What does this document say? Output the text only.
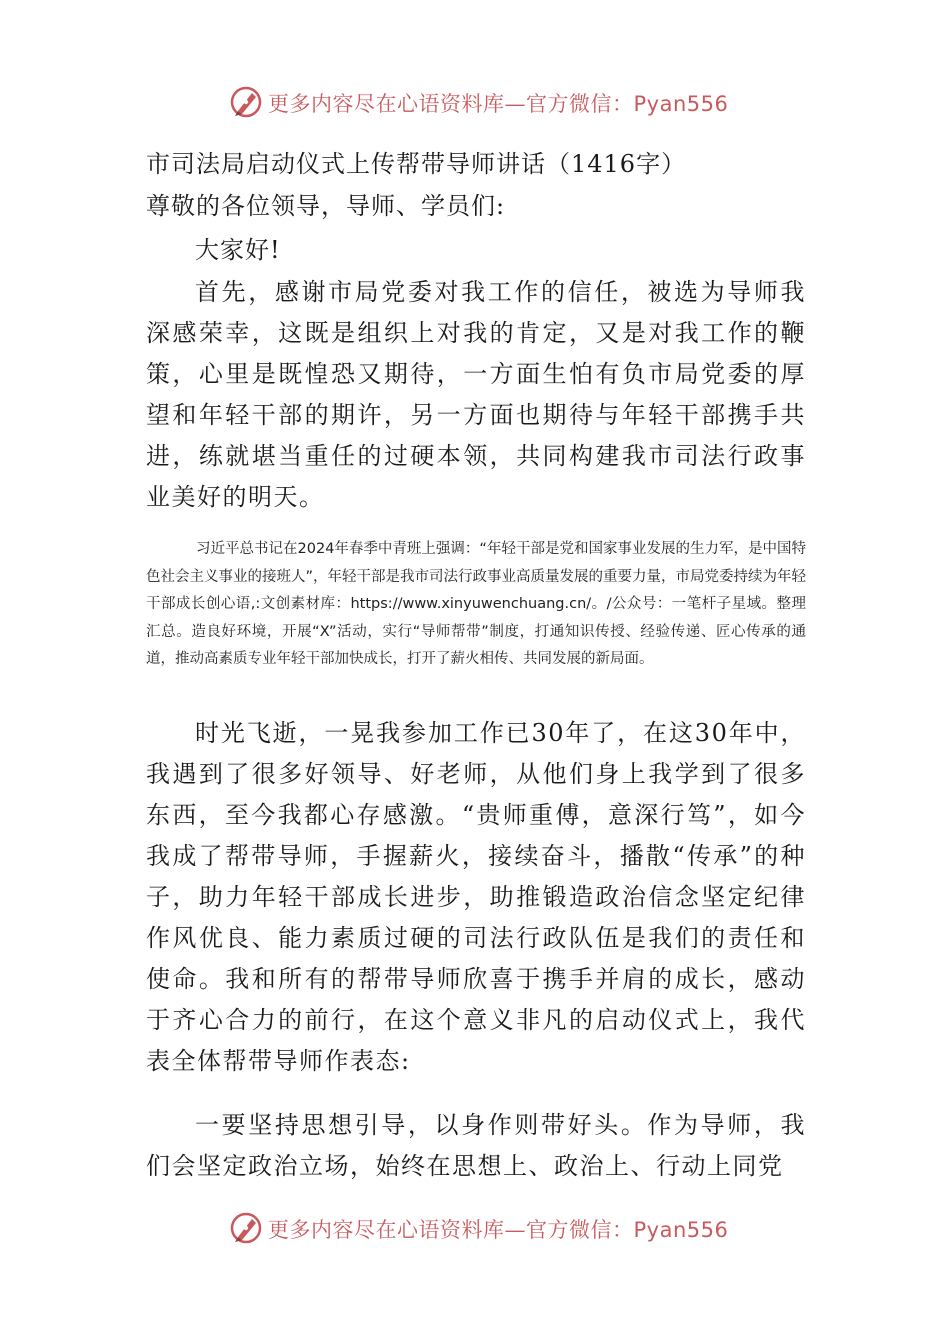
更多内容尽在心语资料库—官方微信：Pyan556
市司法局启动仪式上传帮带导师讲话（1416字）
尊敬的各位领导，导师、学员们:
大家好!

首先，感谢市局党委对我工作的信任，被选为导师我深感荣幸，这既是组织上对我的肯定，又是对我工作的鞭策，心里是既惶恐又期待，一方面生怕有负市局党委的厚望和年轻干部的期许，另一方面也期待与年轻干部携手共进，练就堪当重任的过硬本领，共同构建我市司法行政事业美好的明天。

习近平总书记在2024年春季中青班上强调：“年轻干部是党和国家事业发展的生力军，是中国特色社会主义事业的接班人”，年轻干部是我市司法行政事业高质量发展的重要力量，市局党委持续为年轻干部成长创心语,:文创素材库：https://www.xinyuwenchuang.cn/。/公众号：一笔杆子星域。整理汇总。造良好环境，开展“X”活动，实行“导师帮带”制度，打通知识传授、经验传递、匠心传承的通道，推动高素质专业年轻干部加快成长，打开了薪火相传、共同发展的新局面。

时光飞逝，一晃我参加工作已30年了，在这30年中，我遇到了很多好领导、好老师，从他们身上我学到了很多东西，至今我都心存感激。“贵师重傅，意深行笃”，如今我成了帮带导师，手握薪火，接续奋斗，播散“传承”的种子，助力年轻干部成长进步，助推锻造政治信念坚定纪律作风优良、能力素质过硬的司法行政队伍是我们的责任和使命。我和所有的帮带导师欣喜于携手并肩的成长，感动于齐心合力的前行，在这个意义非凡的启动仪式上，我代表全体帮带导师作表态:

一要坚持思想引导，以身作则带好头。作为导师，我们会坚定政治立场，始终在思想上、政治上、行动上同党

更多内容尽在心语资料库—官方微信：Pyan556
